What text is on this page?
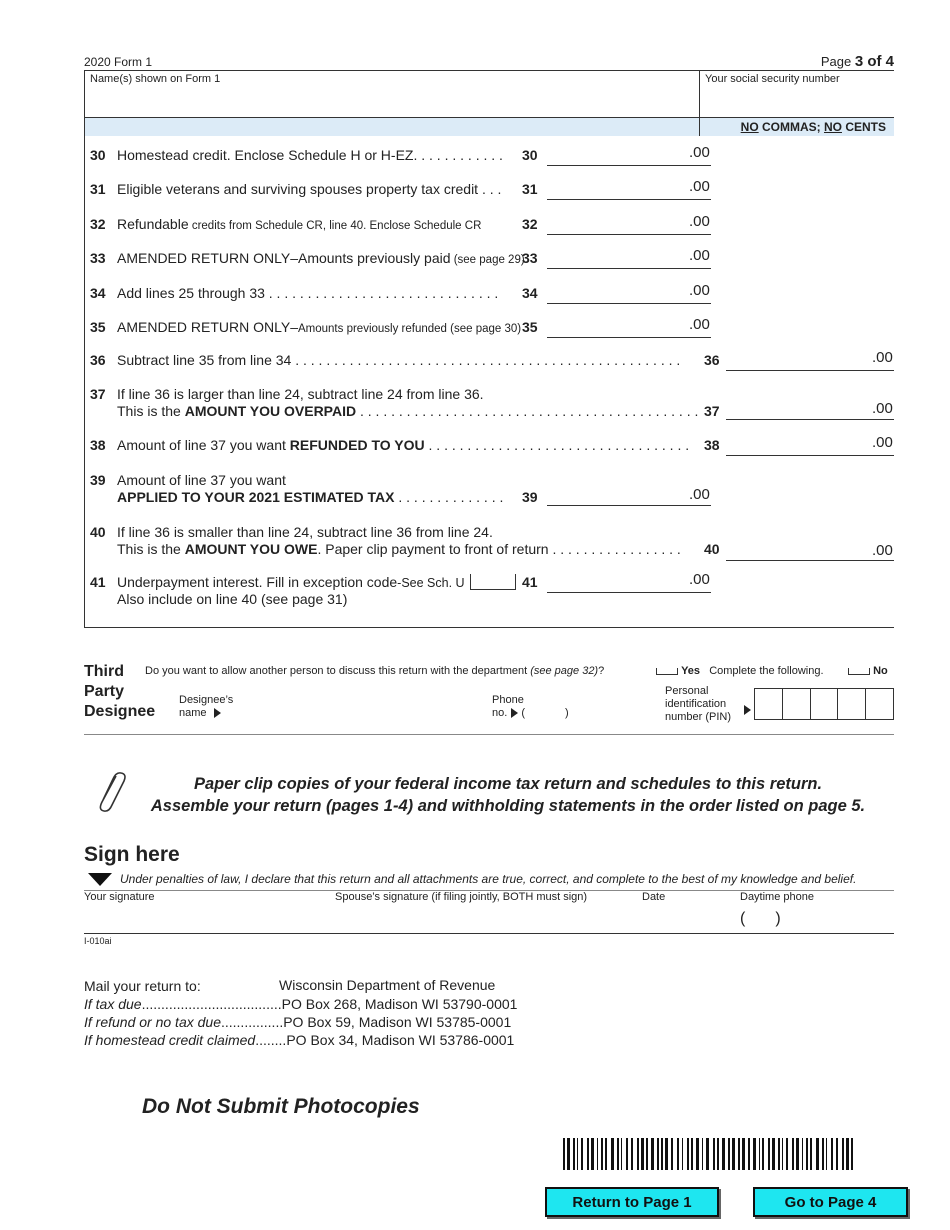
2020 Form 1	Page 3 of 4
Name(s) shown on Form 1	Your social security number
NO COMMAS; NO CENTS
30 Homestead credit. Enclose Schedule H or H-EZ. . . . . . . . . . . . 30	.00
31 Eligible veterans and surviving spouses property tax credit . . . 31	.00
32 Refundable credits from Schedule CR, line 40. Enclose Schedule CR	32	.00
33 AMENDED RETURN ONLY–Amounts previously paid (see page 29)
33	.00
34 Add lines 25 through 33 . . . . . . . . . . . . . . . . . . . . . . . . . . . . . . 34	.00
35 AMENDED RETURN ONLY–Amounts previously refunded (see page 30) 35	.00
36 Subtract line 35 from line 34 . . . . . . . . . . . . . . . . . . . . . . . . . . . . . . . . . . . . . . . . . . . . . . . . . . 36	.00
37 If line 36 is larger than line 24, subtract line 24 from line 36.
This is the AMOUNT YOU OVERPAID . . . . . . . . . . . . . . . . . . . . . . . . . . . . . . . . . . . . . . . . . . . . 37	.00
38 Amount of line 37 you want REFUNDED TO YOU . . . . . . . . . . . . . . . . . . . . . . . . . . . . . . . . . . 38	.00
39 Amount of line 37 you want
APPLIED TO YOUR 2021 ESTIMATED TAX . . . . . . . . . . . . . . 39	.00
40 If line 36 is smaller than line 24, subtract line 36 from line 24.
This is the AMOUNT YOU OWE. Paper clip payment to front of return . . . . . . . . . . . . . . . . . 40	.00
41 Underpayment interest. Fill in exception code-See Sch. U
Also include on line 40 (see page 31)
41	.00
Third
Party
Designee
Do you want to allow another person to discuss this return with the department (see page 32)?	Yes Complete the following.	No
Designee’s
name
Phone
no. (	)
Personal
identification
number (PIN)
Paper clip copies of your federal income tax return and schedules to this return.
Assemble your return (pages 1-4) and withholding statements in the order listed on page 5.
Sign here
Under penalties of law, I declare that this return and all attachments are true, correct, and complete to the best of my knowledge and belief.
Your signature	Spouse’s signature (if filing jointly, BOTH must sign)	Date	Daytime phone
( )
I-010ai
Mail your return to:
If tax due....................................PO Box 268, Madison WI 53790-0001
If refund or no tax due................PO Box 59, Madison WI 53785-0001
If homestead credit claimed........PO Box 34, Madison WI 53786-0001
Wisconsin Department of Revenue
Do Not Submit Photocopies
Return to Page 1	Go to Page 4
